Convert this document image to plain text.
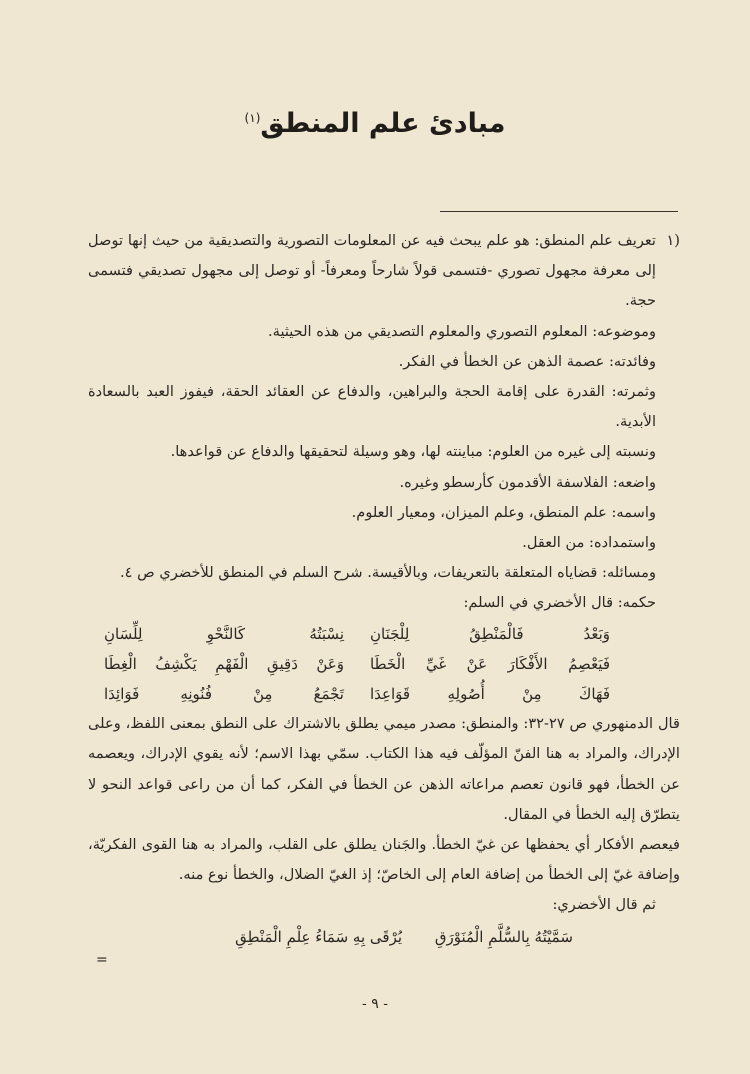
مبادئ علم المنطق$^{(١)}$

(١
تعريف علم المنطق: هو علم يبحث فيه عن المعلومات التصورية والتصديقية من حيث إنها توصل إلى معرفة مجهول تصوري -فتسمى قولاً شارحاً ومعرفاً- أو توصل إلى مجهول تصديقي فتسمى حجة.

وموضوعه: المعلوم التصوري والمعلوم التصديقي من هذه الحيثية.

وفائدته: عصمة الذهن عن الخطأ في الفكر.

وثمرته: القدرة على إقامة الحجة والبراهين، والدفاع عن العقائد الحقة، فيفوز العبد بالسعادة الأبدية.

ونسبته إلى غيره من العلوم: مباينته لها، وهو وسيلة لتحقيقها والدفاع عن قواعدها.

واضعه: الفلاسفة الأقدمون كأرسطو وغيره.

واسمه: علم المنطق، وعلم الميزان، ومعيار العلوم.

واستمداده: من العقل.

ومسائله: قضاياه المتعلقة بالتعريفات، وبالأقيسة. شرح السلم في المنطق للأخضري ص ٤.

حكمه: قال الأخضري في السلم:

وَبَعْدُ فَالْمَنْطِقُ لِلْجَنَانِ
نِسْبَتُهُ كَالنَّحْوِ لِلِّسَانِ
فَيَعْصِمُ الأَفْكَارَ عَنْ غَيِّ الْخَطَا
وَعَنْ دَقِيقِ الْفَهْمِ يَكْشِفُ الْغِطَا
فَهَاكَ مِنْ أُصُولِهِ قَوَاعِدَا
تَجْمَعُ مِنْ فُنُونِهِ فَوَائِدَا

قال الدمنهوري ص ٢٧-٣٢: والمنطق: مصدر ميمي يطلق بالاشتراك على النطق بمعنى اللفظ، وعلى الإدراك، والمراد به هنا الفنّ المؤلّف فيه هذا الكتاب. سمّي بهذا الاسم؛ لأنه يقوي الإدراك، ويعصمه عن الخطأ، فهو قانون تعصم مراعاته الذهن عن الخطأ في الفكر، كما أن من راعى قواعد النحو لا يتطرّق إليه الخطأ في المقال.

فيعصم الأفكار أي يحفظها عن غيّ الخطأ. والجَنان يطلق على القلب، والمراد به هنا القوى الفكريّة، وإضافة غيّ إلى الخطأ من إضافة العام إلى الخاصّ؛ إذ الغيّ الضلال، والخطأ نوع منه.

ثم قال الأخضري:

سَمَّيْتُهُ بِالسُّلَّمِ الْمُنَوْرَقِ يُرْقَى بِهِ سَمَاءُ عِلْمِ الْمَنْطِقِ
=
- ٩ -
